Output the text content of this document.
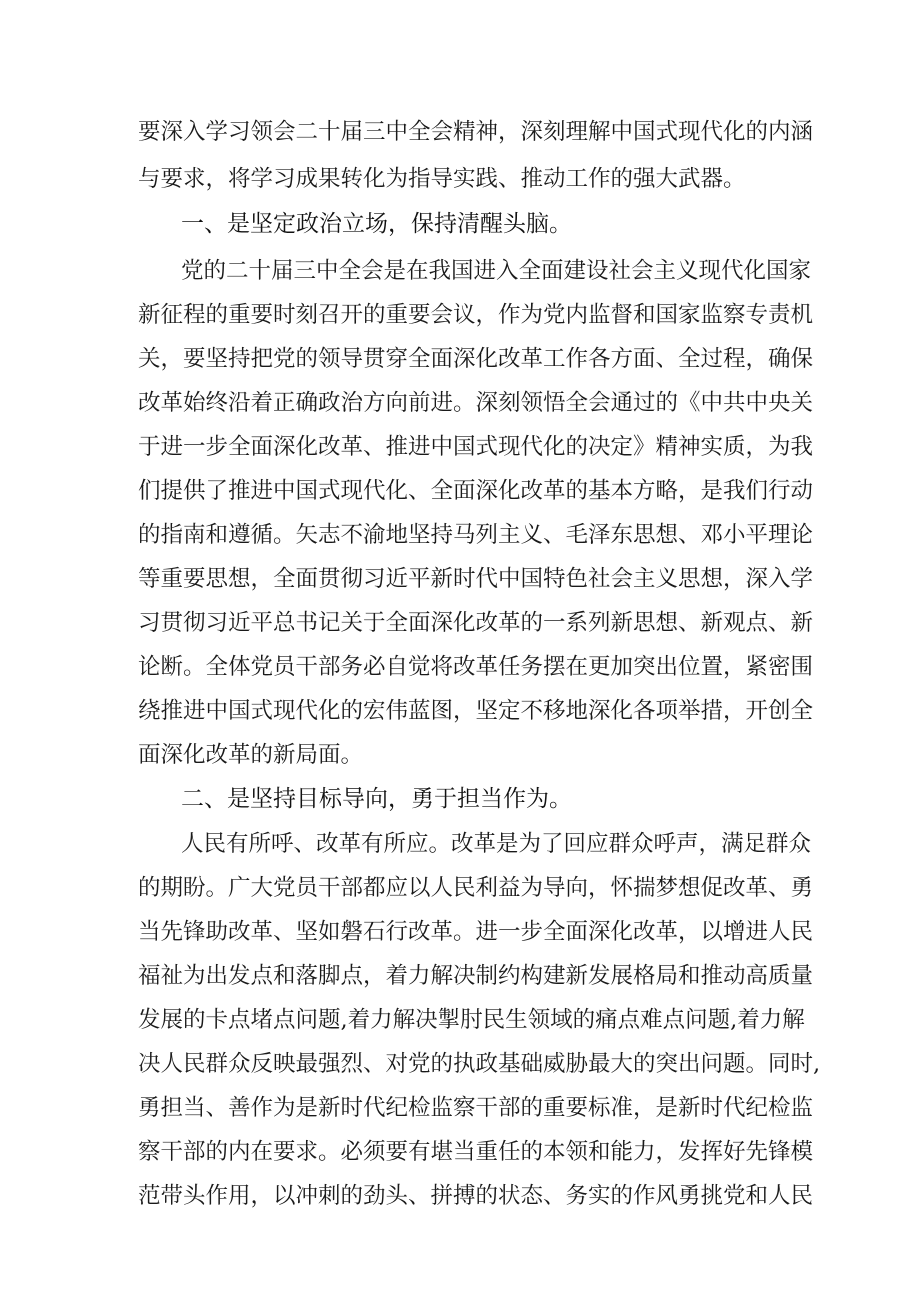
要深入学习领会二十届三中全会精神，深刻理解中国式现代化的内涵
与要求，将学习成果转化为指导实践、推动工作的强大武器。
一、是坚定政治立场，保持清醒头脑。
党的二十届三中全会是在我国进入全面建设社会主义现代化国家
新征程的重要时刻召开的重要会议，作为党内监督和国家监察专责机
关，要坚持把党的领导贯穿全面深化改革工作各方面、全过程，确保
改革始终沿着正确政治方向前进。深刻领悟全会通过的《中共中央关
于进一步全面深化改革、推进中国式现代化的决定》精神实质，为我
们提供了推进中国式现代化、全面深化改革的基本方略，是我们行动
的指南和遵循。矢志不渝地坚持马列主义、毛泽东思想、邓小平理论
等重要思想，全面贯彻习近平新时代中国特色社会主义思想，深入学
习贯彻习近平总书记关于全面深化改革的一系列新思想、新观点、新
论断。全体党员干部务必自觉将改革任务摆在更加突出位置，紧密围
绕推进中国式现代化的宏伟蓝图，坚定不移地深化各项举措，开创全
面深化改革的新局面。
二、是坚持目标导向，勇于担当作为。
人民有所呼、改革有所应。改革是为了回应群众呼声，满足群众
的期盼。广大党员干部都应以人民利益为导向，怀揣梦想促改革、勇
当先锋助改革、坚如磐石行改革。进一步全面深化改革，以增进人民
福祉为出发点和落脚点，着力解决制约构建新发展格局和推动高质量
发展的卡点堵点问题,着力解决掣肘民生领域的痛点难点问题,着力解
决人民群众反映最强烈、对党的执政基础威胁最大的突出问题。同时,
勇担当、善作为是新时代纪检监察干部的重要标准，是新时代纪检监
察干部的内在要求。必须要有堪当重任的本领和能力，发挥好先锋模
范带头作用，以冲刺的劲头、拼搏的状态、务实的作风勇挑党和人民
